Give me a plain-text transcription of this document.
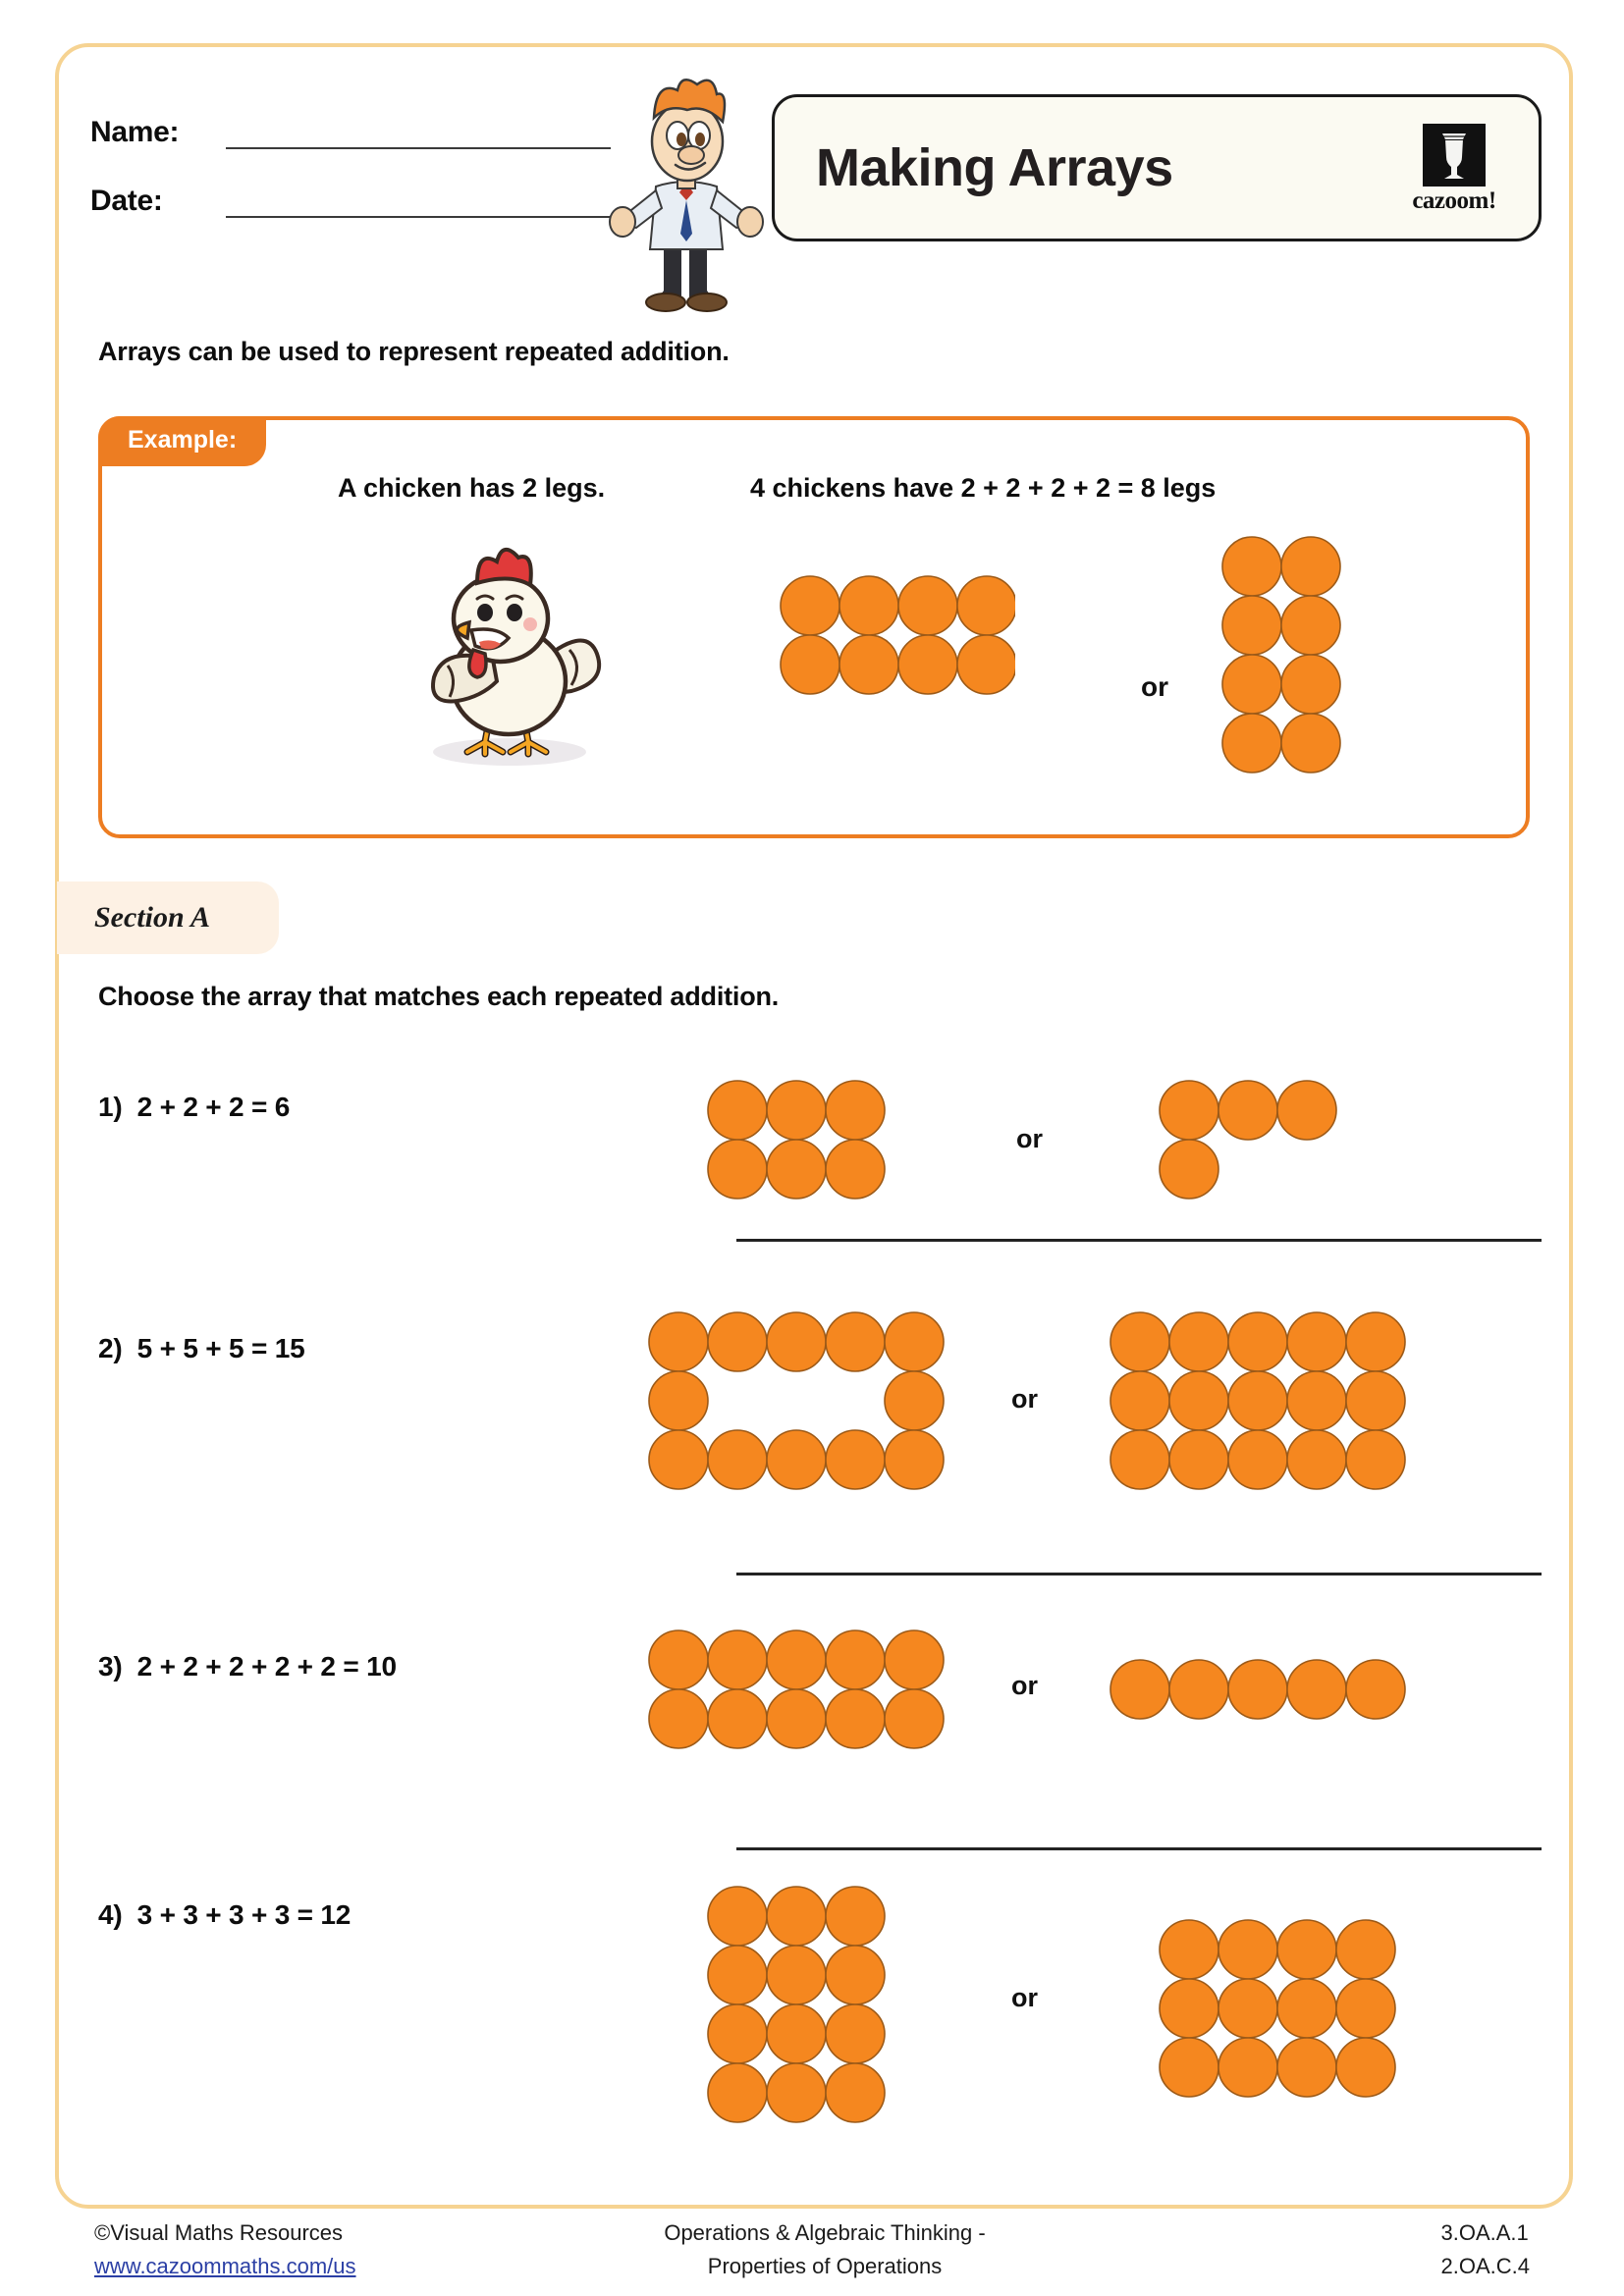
Name:
Date:
Making Arrays
cazoom!
Arrays can be used to represent repeated addition.
Example:
A chicken has 2 legs.	4 chickens have 2 + 2 + 2 + 2 = 8 legs
or
Section A
Choose the array that matches each repeated addition.
1) 2 + 2 + 2 = 6
or
2) 5 + 5 + 5 = 15
or
3) 2 + 2 + 2 + 2 + 2 = 10
or
4) 3 + 3 + 3 + 3 = 12
or
©Visual Maths Resources
www.cazoommaths.com/us
Operations & Algebraic Thinking -
Properties of Operations
3.OA.A.1
2.OA.C.4
